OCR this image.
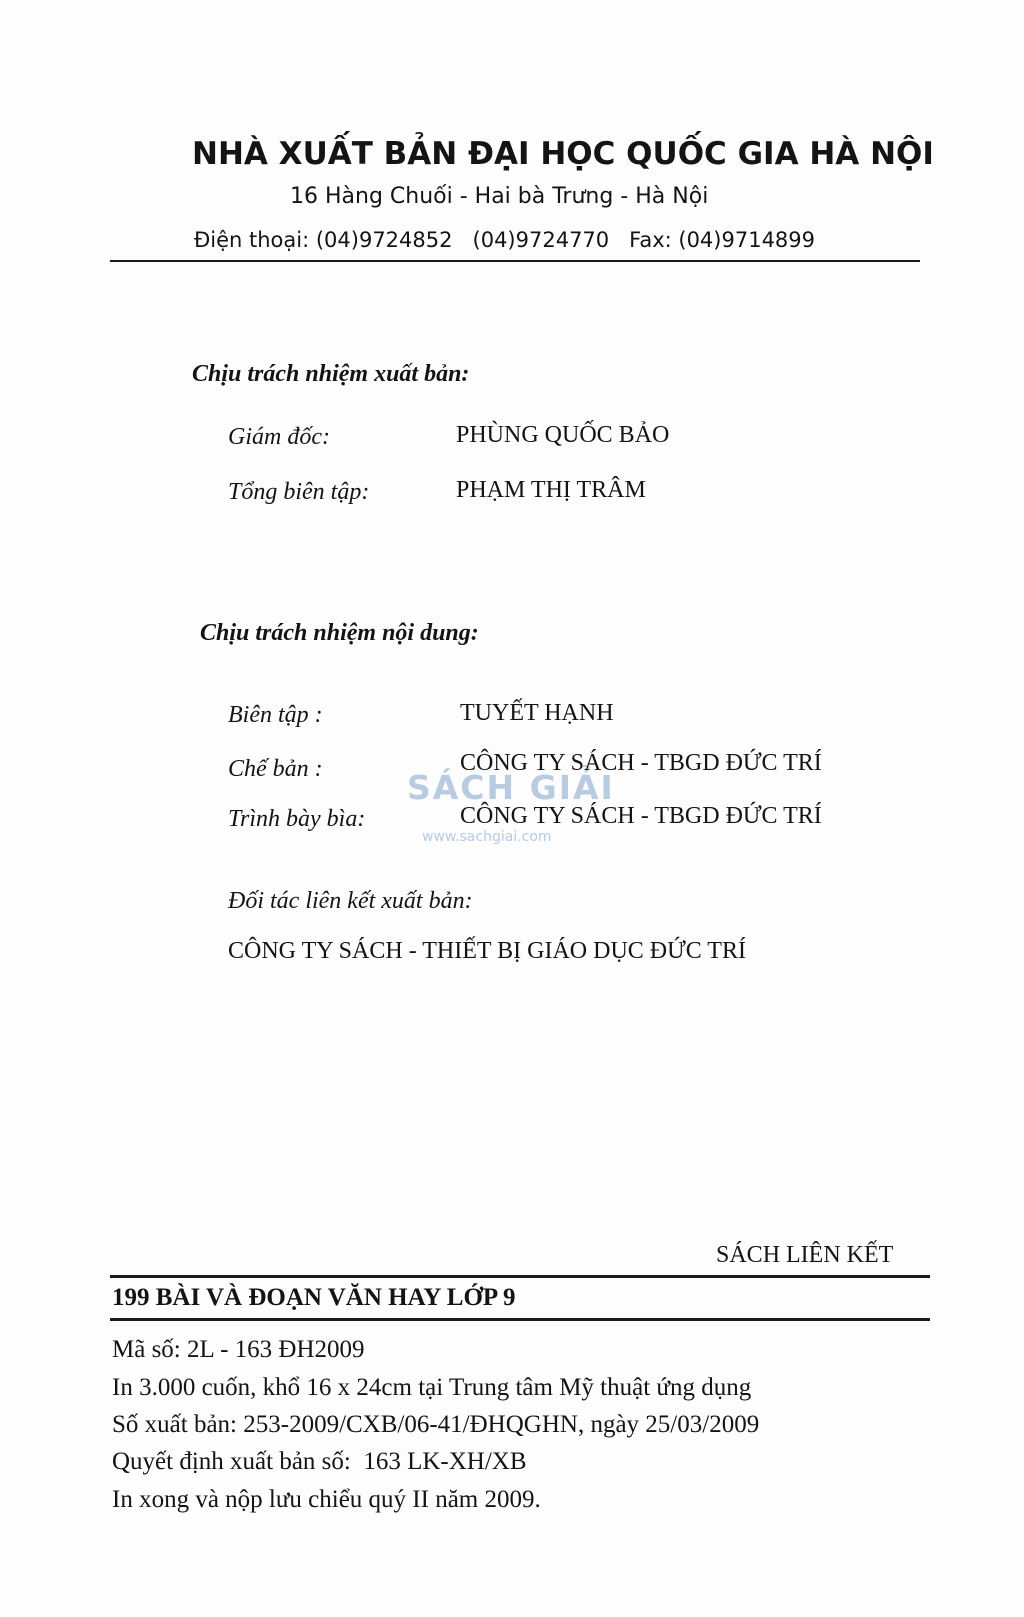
NHÀ XUẤT BẢN ĐẠI HỌC QUỐC GIA HÀ NỘI
16 Hàng Chuối - Hai bà Trưng - Hà Nội
Điện thoại: (04)9724852   (04)9724770   Fax: (04)9714899
Chịu trách nhiệm xuất bản:
Giám đốc:	PHÙNG QUỐC BẢO
Tổng biên tập:	PHẠM THỊ TRÂM
Chịu trách nhiệm nội dung:
SÁCH GIẢI
www.sachgiai.com
Biên tập :	TUYẾT HẠNH
Chế bản :	CÔNG TY SÁCH - TBGD ĐỨC TRÍ
Trình bày bìa:	CÔNG TY SÁCH - TBGD ĐỨC TRÍ
Đối tác liên kết xuất bản:
CÔNG TY SÁCH - THIẾT BỊ GIÁO DỤC ĐỨC TRÍ
SÁCH LIÊN KẾT
199 BÀI VÀ ĐOẠN VĂN HAY LỚP 9
Mã số: 2L - 163 ĐH2009
In 3.000 cuốn, khổ 16 x 24cm tại Trung tâm Mỹ thuật ứng dụng
Số xuất bản: 253-2009/CXB/06-41/ĐHQGHN, ngày 25/03/2009
Quyết định xuất bản số:  163 LK-XH/XB
In xong và nộp lưu chiểu quý II năm 2009.
